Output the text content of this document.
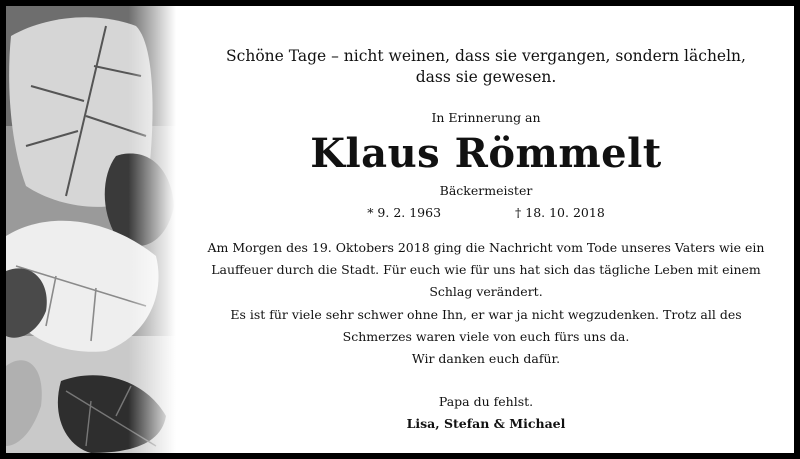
Schöne Tage – nicht weinen, dass sie vergangen, sondern lächeln,
dass sie gewesen.
In Erinnerung an
Klaus Römmelt
Bäckermeister
* 9. 2. 1963	† 18. 10. 2018
Am Morgen des 19. Oktobers 2018 ging die Nachricht vom Tode unseres Vaters wie ein
Lauffeuer durch die Stadt. Für euch wie für uns hat sich das tägliche Leben mit einem
Schlag verändert.
Es ist für viele sehr schwer ohne Ihn, er war ja nicht wegzudenken. Trotz all des
Schmerzes waren viele von euch fürs uns da.
Wir danken euch dafür.
Papa du fehlst.
Lisa, Stefan & Michael
